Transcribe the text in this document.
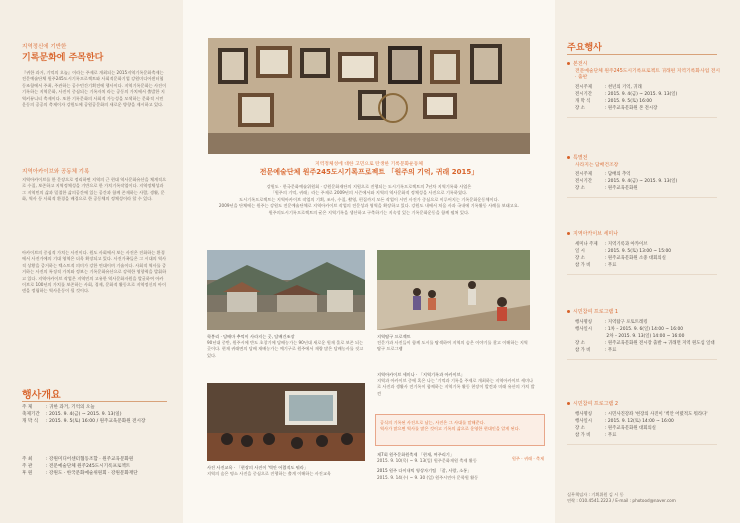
지역정신에 기반한
기록문화에 주목한다
『귀한 과거, 기억의 오늘』이라는 주제로 개최되는 2015지역기록문화축제는 전문예술단체 원주245도시기록프로젝트와 사회적문화기업 강원미디어센터협동조합에서 주최, 주관하는 공수민간기획전에 행사이다. 지역기록문화는 사진이 기록하는 지역문화, 사진이 중심되는 기록자치 라는 공동의 가치에서 출발한 지역커뮤니티 축제이다. 또한 기록문화의 사회적 가능성을 모색하는 문화적 시민운동의 공공의 축제이자 강원도에 공원공문화의 새로운 방향을 제시하고 있다.
지역아카이브와 공동체 기록
지역아카이브를 한 문장으로 정리하면 지역의 근 현대 역사문화유산을 체계적으로 수집, 보존하고 지역정체성을 기반으로 한 가치기록작업이다. 지역정체성과 그 지역민의 삶과 밀접한 삶의공간에 있는 공간과 함께 존재하는 사람, 생활, 문화, 역사 등 사회적 환경을 배경으로 한 공동체의 정체성이라 할 수 있다.
아카이브의 중심적 가치는 사진이다. 원도 사회에서 보는 사진은 진화하는 환경에서 사진가에의 기대 영역은 더욱 확장되고 있다. 사진가족들은 그 시대의 역사적 상황을 증거하는 텍스트적 의미가 강한 연대이며 기술이다. 사회적 역사를 증거하는 사진의 특징적 가치와 정보는 기록문화유산으로 강력한 영향력을 발휘하고 있다. 지역아카이브 작업은 지역민의 고유한 역사문화자원을 발굴하여 아카이브로 100년의 가치를 보존하는 사회, 경제, 문화적 활동으로 지역정신의 아이덴을 정립하는 역사운동이 될 것이다.
행사개요
주 제	: 귀한 과거, 기억의 오늘
축제기간 : 2015. 9. 4(금) ~ 2015. 9. 13(일)
개 막 식 : 2015. 9. 5(토) 16:00 / 원주교육문화원 전시장
주 최	: 강원미디어센터협동조합 · 원주교육문화원
주 관	: 전문예술단체 원주245도시기록프로젝트
후 원	: 강원도 · 한국문화예술위원회 · 강원문화재단
지역정체성에 대한 고민으로 탄생한 기록문화운동체
전문예술단체 원주245도시기록프로젝트 「원주의 기억, 귀래 2015」
강원도 · 한국문화예술위원회 · 강원문화재단의 지원으로 진행되는 도시기록프로젝트의 7년차 지역기록화 사업은
「원주의 기억, 귀래」라는 주제로 2009년의 시즌에서와 지역의 역사문화적 정체성을 사진으로 기록하였다.
도시기록프로젝트는 지역아카이브 작업의 기획, 조사, 수집, 촬영, 편집까지 모든 작업이 시민 사진가 중심으로 이루어지는 기록문화운동체이다.
2009년을 단체에는 원주는 강원도 전문예술단체로 지역아카이브 작업의 전문성과 영역을 확장하고 있다. 강원도 내에서 처음 사과 국내에 기록활동 사례를 보태고요.
원주의도시기록프로젝트의 굳은 지역기록을 생산하고 구축하기는 지속성 있는 기록문화운동을 함께 펼쳐 있다.
학봉리 · 담배마 추억이 사라지는 곳, 담배건조장
90년대 중반, 원주시에 반도 초창기에 담배농가는 90년대 새로운 원재 물로 보존 되는 곳이다. 현재 귀래면의 담배 재배농가는 예기구로 원주에서 재량 많은 담배농사를 짓고 있다.
지역탐구 프로젝트
전문가과 사진들이 함께 도시를 탐색하여 지역의 숨은 이야기를 찾고 이해하는 지역탐구 프로그램
사진 사진교육 · 「현장의 사진이 '벽안 어렸적도 뭐라」
지역의 숨은 명소 사진을 중심으로 진행하는 출계 이해하는 사진교육
지역아카이브 세미나 · 「지역기록과 아카이브」
지역과 아카이브 중에 혹은 나는 '기억과 기록을 주제로 개최하는 지역아카이브 세미나로 사진과 생활사 전기록이 함께하는 지역기록 활동 현장이 발견과 미래 유산의 가치 발견
공식의 기록된 사진으로 남는, 사진은 그 사대를 말해준다.
역사가 많으면 역사를 많은 것이고 기록의 삶으로 운영한 현대인을 알게 된다.
제7회 원주문화원축제 「현재, 여주리기」
2015. 9. 10(목) ~ 9. 13(일) 원주문화재원 축제 활동
2015 원주 다이내믹 영상자기팀 「잘, 사랑, 소통」
2015. 9. 14(수) ~ 9. 30 (일) 원주시민아 문학원 활동
원주 · 귀래 · 축제
주요행사
본전시
전문예술단체 원주245도시기록프로젝트 귀래편 지역기록화사업 전시 · 출판
전시주제	: 천년의 기억, 귀래
전시기간	: 2015. 9. 4(금) ~ 2015. 9. 13(일)
개 막 식	: 2015. 9. 5(토) 16:00
장 소	: 원주교육문화원 본 전시장
특별전
사라지는 담배건조장
전시주제	: 담배의 추억
전시기간	: 2015. 9. 4(금) ~ 2015. 9. 13(일)
장 소	: 원주교육문화원
지역아카이브 세미나
세미나 주제 : 지역기록과 아카이브
일 시	: 2015. 9. 5(토) 13:00 ~ 15:00
장 소	: 원주교육문화원 소중 대회의실
참 가 비	: 무료
시민참여 프로그램 1
행사명칭	: 지역탐구 포토트레킹
행사일시	: 1차 – 2015. 9. 6(일) 14:00 ~ 16:00
2차 – 2015. 9. 13(일) 14:00 ~ 16:00
장 소	: 원주교육문화원 전시장 출발 → 귀래면 지역 원도심 일대
참 가 비	: 무료
시민참여 프로그램 2
행사명칭	: 시민사진강좌 '현장의 사진이 '벽안 어렸적도 뭐라다'
행사일시	: 2015. 9. 12(토) 14:00 ~ 16:00
장 소	: 원주교육문화원 대회의실
참 가 비	: 무료
실무책임자 : 기획위원 김 시 동
연락 : 010.4541.2223 / E-mail : photood@naver.com
